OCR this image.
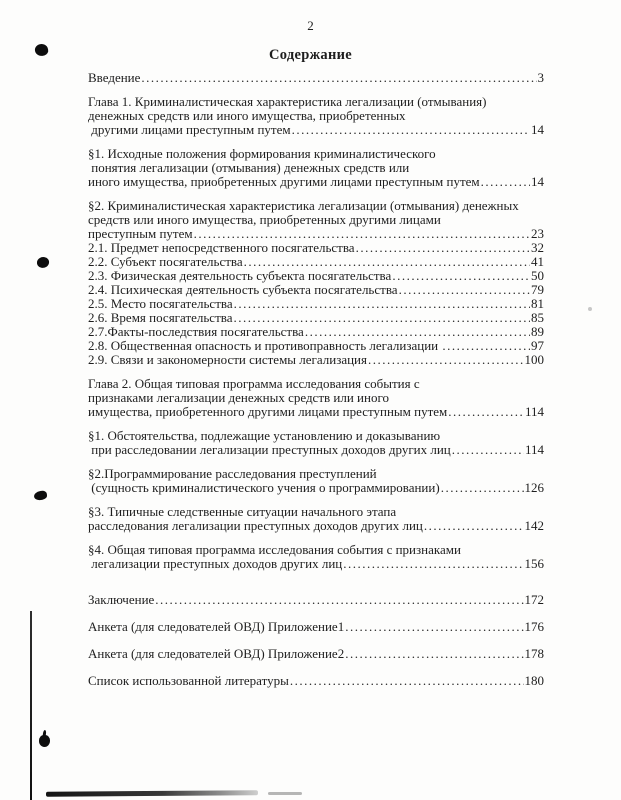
2
Содержание
Введение .....	3
Глава 1. Криминалистическая характеристика легализации (отмывания)
денежных средств или иного имущества, приобретенных
другими лицами преступным путем .....	14
§1. Исходные положения формирования криминалистического
понятия легализации (отмывания) денежных средств или
иного имущества, приобретенных другими лицами преступным путем .....	14
§2. Криминалистическая характеристика легализации (отмывания) денежных
средств или иного имущества, приобретенных другими лицами
преступным путем .....	23
2.1. Предмет непосредственного посягательства .....	32
2.2. Субъект посягательства .....	41
2.3. Физическая деятельность субъекта посягательства .....	50
2.4. Психическая деятельность субъекта посягательства .....	79
2.5. Место посягательства .....	81
2.6. Время посягательства .....	85
2.7.Факты-последствия посягательства .....	89
2.8. Общественная опасность и противоправность легализации .....	97
2.9. Связи и закономерности системы легализация .....	100
Глава 2. Общая типовая программа исследования события с
признаками легализации денежных средств или иного
имущества, приобретенного другими лицами преступным путем .....	114
§1. Обстоятельства, подлежащие установлению и доказыванию
при расследовании легализации преступных доходов других лиц .....	114
§2.Программирование расследования преступлений
(сущность криминалистического учения о программировании) .....	126
§3. Типичные следственные ситуации начального этапа
расследования легализации преступных доходов других лиц .....	142
§4. Общая типовая программа исследования события с признаками
легализации преступных доходов других лиц .....	156
Заключение .....	172
Анкета (для следователей ОВД) Приложение1 .....	176
Анкета (для следователей ОВД) Приложение2 .....	178
Список использованной литературы .....	180
